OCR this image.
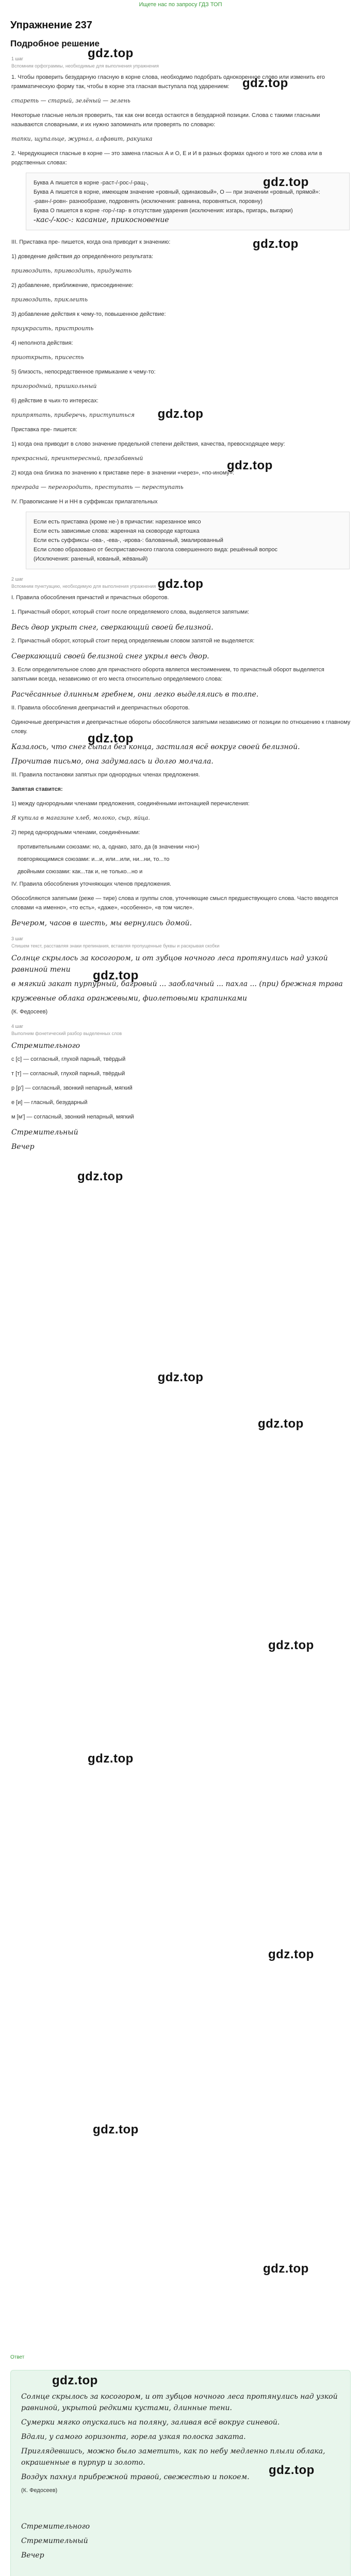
Ищете нас по запросу ГДЗ ТОП
Упражнение 237
Подробное решение
gdz.top
1 шаг
Вспомним орфограммы, необходимые для выполнения упражнения

1. Чтобы проверить безударную гласную в корне слова, необходимо подобрать однокоренное слово или изменить его грамматическую форму так, чтобы в корне эта гласная выступала под ударением:

стареть — старый, зелёный — зелень

Некоторые гласные нельзя проверить, так как они всегда остаются в безударной позиции. Слова с такими гласными называются словарными, и их нужно запоминать или проверять по словарю:

тапки, щупальце, журнал, алфавит, ракушка

2. Чередующиеся гласные в корне — это замена гласных А и О, Е и И в разных формах одного и того же слова или в родственных словах:

Буква А пишется в корне -раст-/-рос-/-ращ-,
Буква А пишется в корне, имеющем значение «ровный, одинаковый», О — при значении «ровный, прямой»:
-равн-/-ровн- разнообразие, подровнять (исключения: равнина, поровняться, поровну)
Буква О пишется в корне -гор-/-гар- в отсутствие ударения (исключения: изгарь, пригарь, выгарки)
-кас-/-кос-: касание, прикосновение

III. Приставка пре- пишется, когда она приводит к значению:

1) доведение действия до определённого результата:

пригвоздить, пригвоздить, придумать

2) добавление, приближение, присоединение:

пригвоздить, приклеить

3) добавление действия к чему-то, повышенное действие:

приукрасить, пристроить

4) неполнота действия:

приоткрыть, присесть

5) близость, непосредственное примыкание к чему-то:

пригородный, пришкольный

6) действие в чьих-то интересах:

припрятать, приберечь, приступиться

Приставка пре- пишется:

1) когда она приводит в слово значение предельной степени действия, качества, превосходящее меру:

прекрасный, преинтересный, презабавный

2) когда она близка по значению к приставке пере- в значении «через», «по-иному»:

преграда — перегородить, преступать — переступать

IV. Правописание Н и НН в суффиксах прилагательных

Если есть приставка (кроме не-) в причастии: нарезанное мясо
Если есть зависимые слова: жаренная на сковороде картошка
Если есть суффиксы -ова-, -ева-, -ирова-: балованный, эмалированный
Если слово образовано от бесприставочного глагола совершенного вида: решённый вопрос
(Исключения: раненый, кованый, жёваный)
gdz.top
gdz.top
gdz.top
gdz.top
gdz.top
gdz.top
2 шаг
Вспомним пунктуацию, необходимую для выполнения упражнения

I. Правила обособления причастий и причастных оборотов.

1. Причастный оборот, который стоит после определяемого слова, выделяется запятыми:

Весь двор укрыт снег, сверкающий своей белизной.

2. Причастный оборот, который стоит перед определяемым словом запятой не выделяется:

Сверкающий своей белизной снег укрыл весь двор.

3. Если определительное слово для причастного оборота является местоимением, то причастный оборот выделяется запятыми всегда, независимо от его места относительно определяемого слова:

Расчёсанные длинным гребнем, они легко выделялись в толпе.

II. Правила обособления деепричастий и деепричастных оборотов.

Одиночные деепричастия и деепричастные обороты обособляются запятыми независимо от позиции по отношению к главному слову.

Казалось, что снег сыпал без конца, застилая всё вокруг своей белизной.

Прочитав письмо, она задумалась и долго молчала.

III. Правила постановки запятых при однородных членах предложения.

Запятая ставится:

1) между однородными членами предложения, соединёнными интонацией перечисления:

Я купила в магазине хлеб, молоко, сыр, яйца.

2) перед однородными членами, соединёнными:

противительными союзами: но, а, однако, зато, да (в значении «но»)
повторяющимися союзами: и...и, или...или, ни...ни, то...то
двойными союзами: как...так и, не только...но и

IV. Правила обособления уточняющих членов предложения.

Обособляются запятыми (реже — тире) слова и группы слов, уточняющие смысл предшествующего слова. Часто вводятся словами «а именно», «то есть», «даже», «особенно», «в том числе».

Вечером, часов в шесть, мы вернулись домой.

gdz.top
gdz.top
gdz.top
gdz.top
gdz.top
3 шаг
Спишем текст, расставляя знаки препинания, вставляя пропущенные буквы и раскрывая скобки

Солнце скрылось за косогором, и от зубцов ночного леса протянулись над узкой равниной тени

в мягкий закат пурпурный, багровый ... заоблачный ... пахла ... (при) брежная трава

кружевные облака оранжевыми, фиолетовыми крапинками

(К. Федосеев)

gdz.top
gdz.top
4 шаг
Выполним фонетический разбор выделенных слов

Стремительного

с [с] — согласный, глухой парный, твёрдый

т [т] — согласный, глухой парный, твёрдый

р [р'] — согласный, звонкий непарный, мягкий

е [и] — гласный, безударный

м [м'] — согласный, звонкий непарный, мягкий

Стремительный

Вечер

gdz.top
gdz.top
gdz.top
Ответ

Солнце скрылось за косогором, и от зубцов ночного леса протянулись над узкой равниной, укрытой редкими кустами, длинные тени.

Сумерки мягко опускались на поляну, заливая всё вокруг синевой.

Вдали, у самого горизонта, горела узкая полоска заката.

Приглядевшись, можно было заметить, как по небу медленно плыли облака, окрашенные в пурпур и золото.

Воздух пахнул прибрежной травой, свежестью и покоем.

(К. Федосеев)

Стремительного

Стремительный

Вечер

gdz.top
gdz.top
